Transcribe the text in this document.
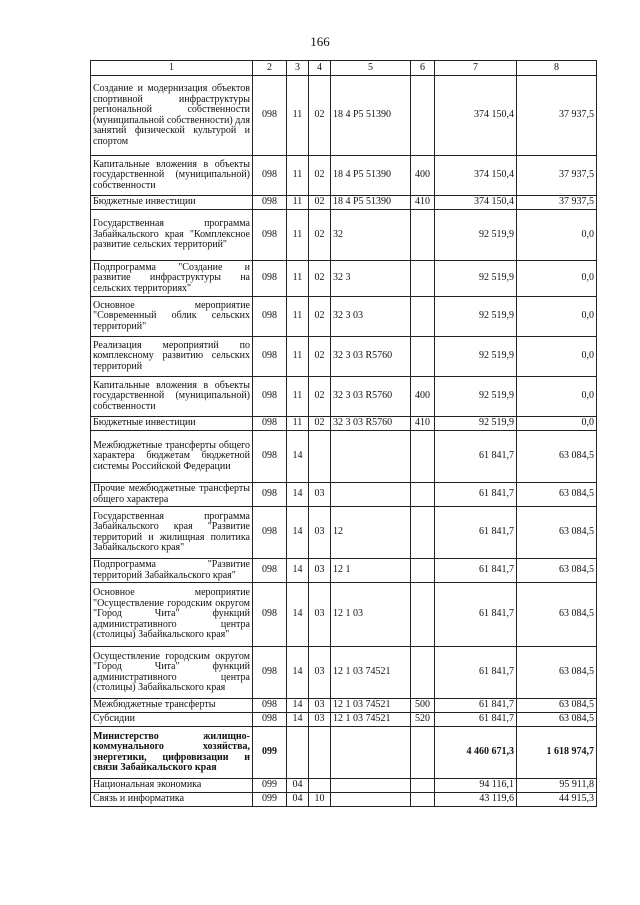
166
1	2	3	4	5	6	7	8
Создание и модернизация объектов спортивной инфраструктуры региональной собственности (муниципальной собственности) для занятий физической культурой и спортом	098	11	02	18 4 P5 51390		374 150,4	37 937,5
Капитальные вложения в объекты государственной (муниципальной) собственности	098	11	02	18 4 P5 51390	400	374 150,4	37 937,5
Бюджетные инвестиции	098	11	02	18 4 P5 51390	410	374 150,4	37 937,5
Государственная программа Забайкальского края "Комплексное развитие сельских территорий"	098	11	02	32		92 519,9	0,0
Подпрограмма "Создание и развитие инфраструктуры на сельских территориях"	098	11	02	32 3		92 519,9	0,0
Основное мероприятие "Современный облик сельских территорий"	098	11	02	32 3 03		92 519,9	0,0
Реализация мероприятий по комплексному развитию сельских территорий	098	11	02	32 3 03 R5760		92 519,9	0,0
Капитальные вложения в объекты государственной (муниципальной) собственности	098	11	02	32 3 03 R5760	400	92 519,9	0,0
Бюджетные инвестиции	098	11	02	32 3 03 R5760	410	92 519,9	0,0
Межбюджетные трансферты общего характера бюджетам бюджетной системы Российской Федерации	098	14				61 841,7	63 084,5
Прочие межбюджетные трансферты общего характера	098	14	03			61 841,7	63 084,5
Государственная программа Забайкальского края "Развитие территорий и жилищная политика Забайкальского края"	098	14	03	12		61 841,7	63 084,5
Подпрограмма "Развитие территорий Забайкальского края"	098	14	03	12 1		61 841,7	63 084,5
Основное мероприятие "Осуществление городским округом "Город Чита" функций административного центра (столицы) Забайкальского края"	098	14	03	12 1 03		61 841,7	63 084,5
Осуществление городским округом "Город Чита" функций административного центра (столицы) Забайкальского края	098	14	03	12 1 03 74521		61 841,7	63 084,5
Межбюджетные трансферты	098	14	03	12 1 03 74521	500	61 841,7	63 084,5
Субсидии	098	14	03	12 1 03 74521	520	61 841,7	63 084,5
Министерство жилищно-коммунального хозяйства, энергетики, цифровизации и связи Забайкальского края	099					4 460 671,3	1 618 974,7
Национальная экономика	099	04				94 116,1	95 911,8
Связь и информатика	099	04	10			43 119,6	44 915,3
